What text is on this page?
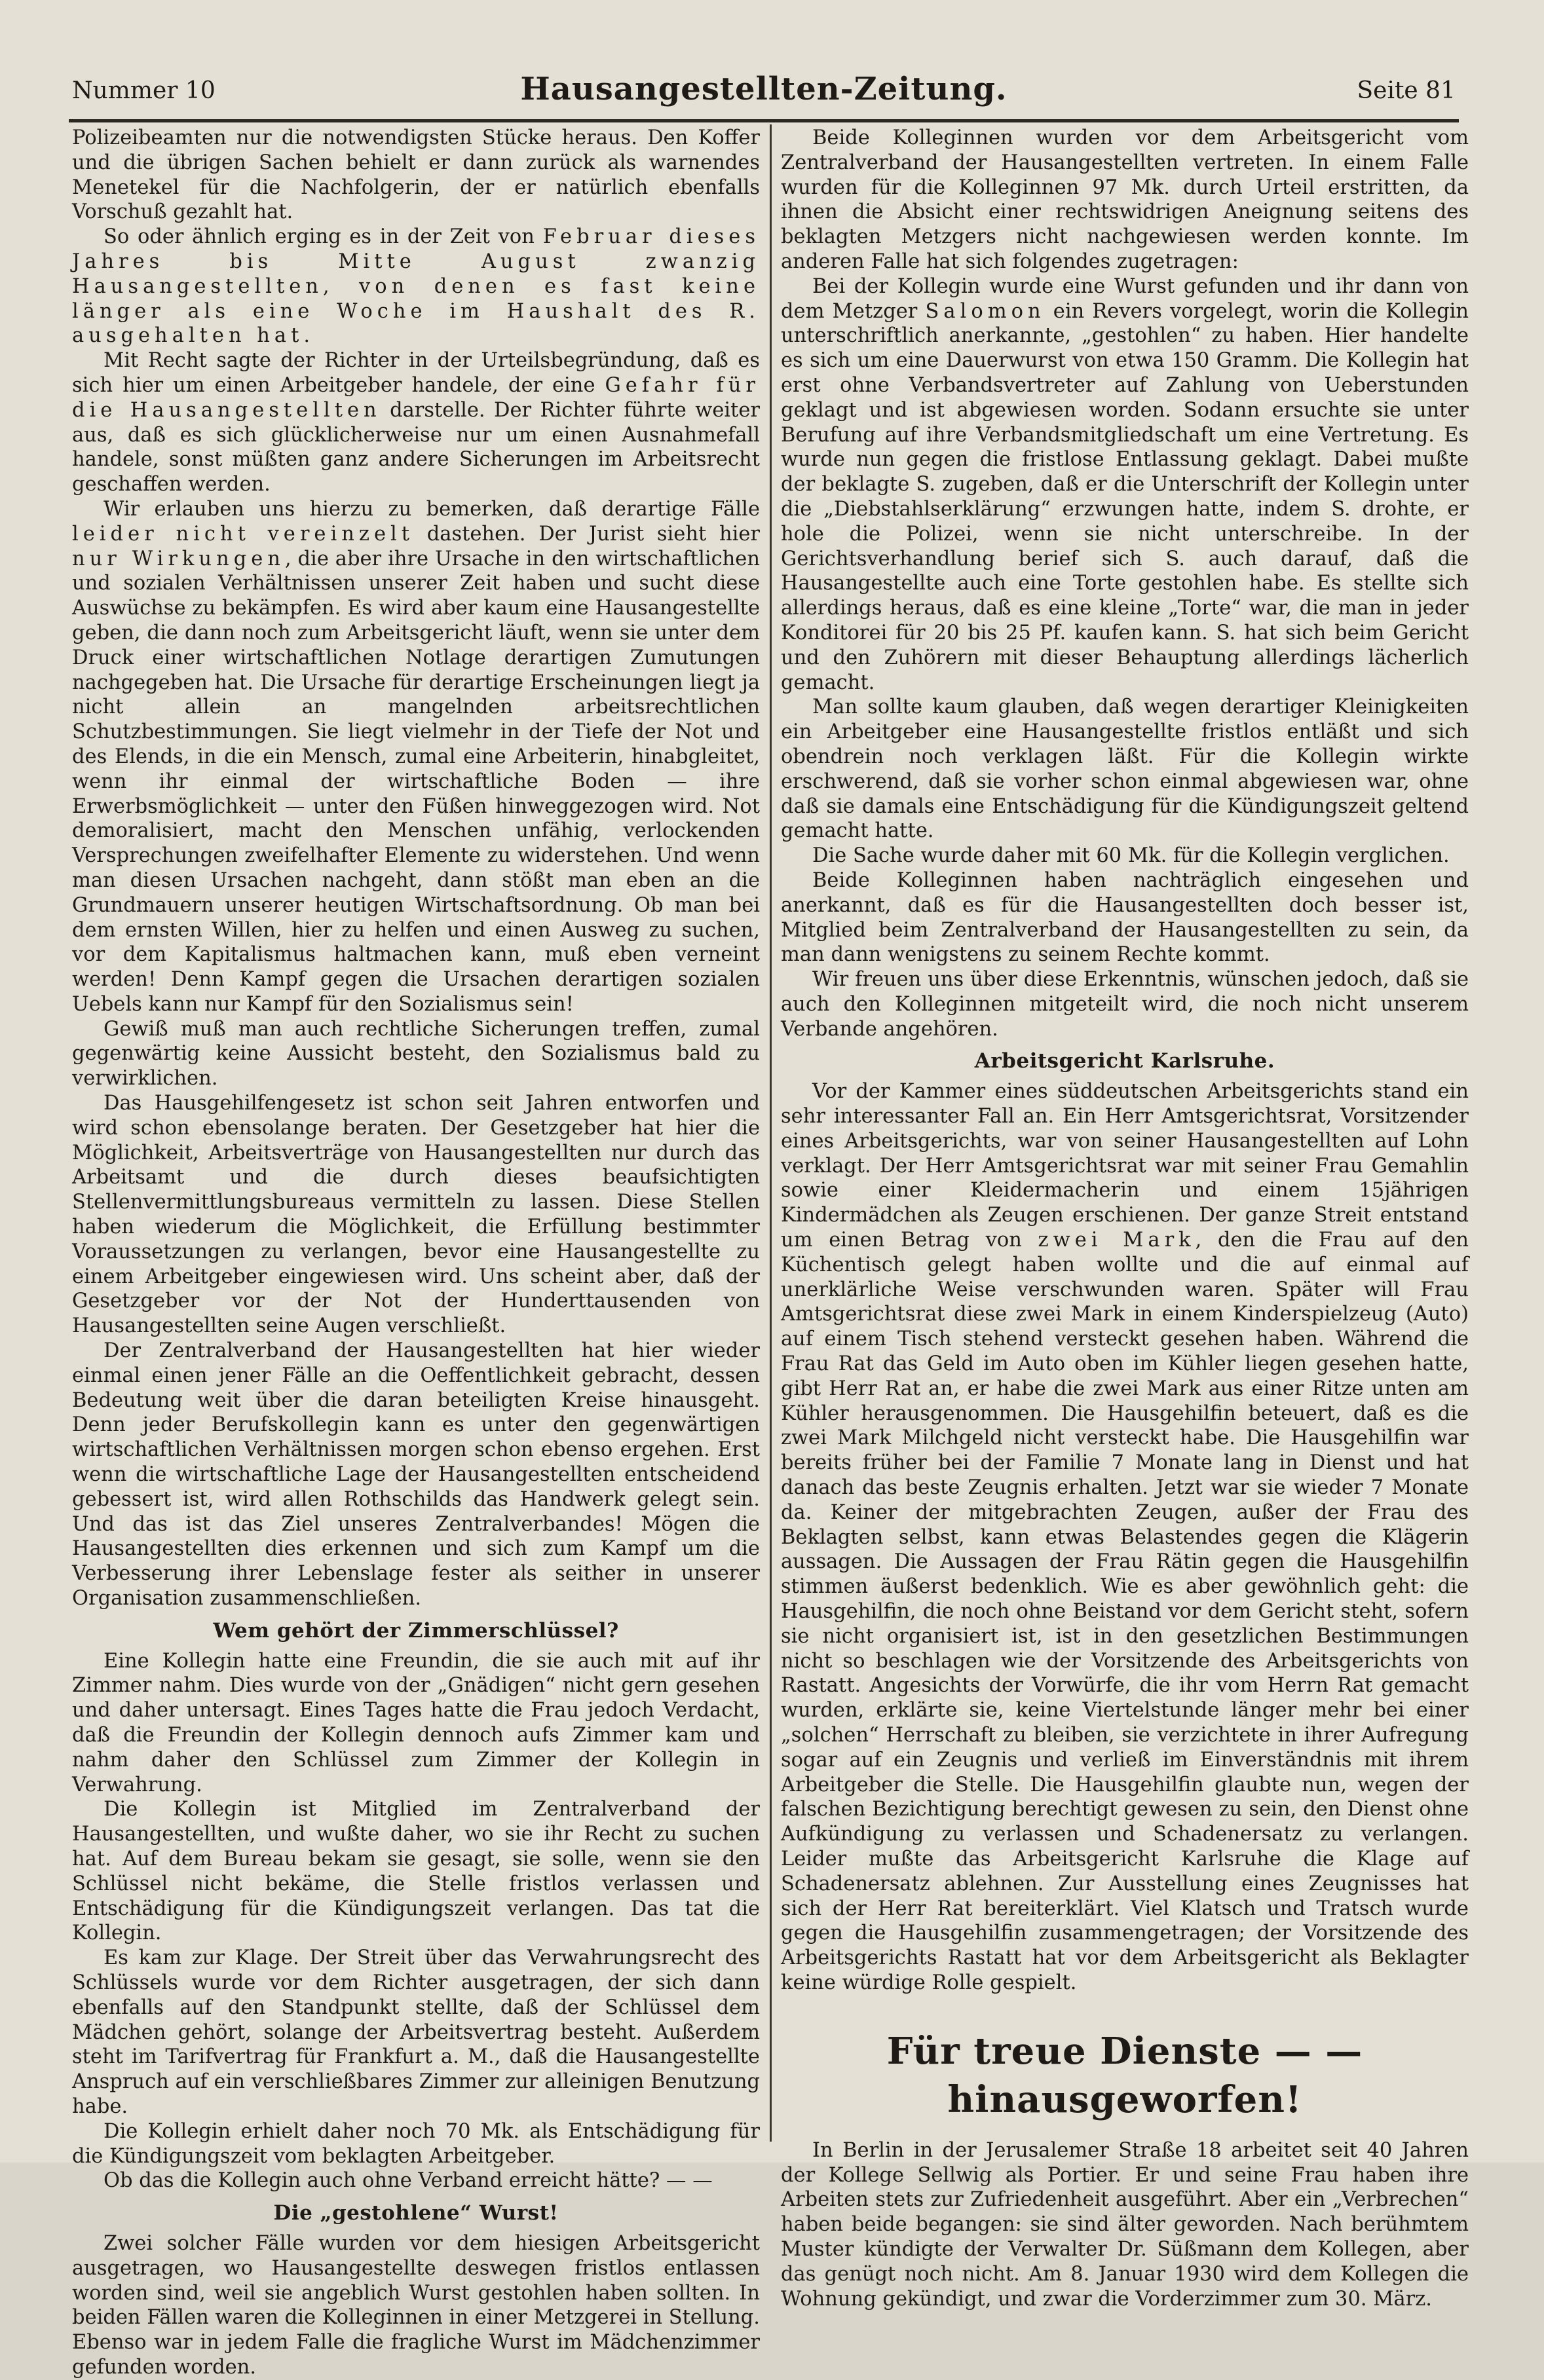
Nummer 10	Hausangestellten-Zeitung.	Seite 81

Polizeibeamten nur die notwendigsten Stücke heraus. Den Koffer und die übrigen Sachen behielt er dann zurück als warnendes Menetekel für die Nachfolgerin, der er natürlich ebenfalls Vorschuß gezahlt hat.

So oder ähnlich erging es in der Zeit von Februar dieses Jahres bis Mitte August zwanzig Hausangestellten, von denen es fast keine länger als eine Woche im Haushalt des R. ausgehalten hat.

Mit Recht sagte der Richter in der Urteilsbegründung, daß es sich hier um einen Arbeitgeber handele, der eine Gefahr für die Hausangestellten darstelle. Der Richter führte weiter aus, daß es sich glücklicherweise nur um einen Ausnahmefall handele, sonst müßten ganz andere Sicherungen im Arbeitsrecht geschaffen werden.

Wir erlauben uns hierzu zu bemerken, daß derartige Fälle leider nicht vereinzelt dastehen. Der Jurist sieht hier nur Wirkungen, die aber ihre Ursache in den wirtschaftlichen und sozialen Verhältnissen unserer Zeit haben und sucht diese Auswüchse zu bekämpfen. Es wird aber kaum eine Hausangestellte geben, die dann noch zum Arbeitsgericht läuft, wenn sie unter dem Druck einer wirtschaftlichen Notlage derartigen Zumutungen nachgegeben hat. Die Ursache für derartige Erscheinungen liegt ja nicht allein an mangelnden arbeitsrechtlichen Schutzbestimmungen. Sie liegt vielmehr in der Tiefe der Not und des Elends, in die ein Mensch, zumal eine Arbeiterin, hinabgleitet, wenn ihr einmal der wirtschaftliche Boden — ihre Erwerbsmöglichkeit — unter den Füßen hinweggezogen wird. Not demoralisiert, macht den Menschen unfähig, verlockenden Versprechungen zweifelhafter Elemente zu widerstehen. Und wenn man diesen Ursachen nachgeht, dann stößt man eben an die Grundmauern unserer heutigen Wirtschaftsordnung. Ob man bei dem ernsten Willen, hier zu helfen und einen Ausweg zu suchen, vor dem Kapitalismus haltmachen kann, muß eben verneint werden! Denn Kampf gegen die Ursachen derartigen sozialen Uebels kann nur Kampf für den Sozialismus sein!

Gewiß muß man auch rechtliche Sicherungen treffen, zumal gegenwärtig keine Aussicht besteht, den Sozialismus bald zu verwirklichen.

Das Hausgehilfengesetz ist schon seit Jahren entworfen und wird schon ebensolange beraten. Der Gesetzgeber hat hier die Möglichkeit, Arbeitsverträge von Hausangestellten nur durch das Arbeitsamt und die durch dieses beaufsichtigten Stellenvermittlungsbureaus vermitteln zu lassen. Diese Stellen haben wiederum die Möglichkeit, die Erfüllung bestimmter Voraussetzungen zu verlangen, bevor eine Hausangestellte zu einem Arbeitgeber eingewiesen wird. Uns scheint aber, daß der Gesetzgeber vor der Not der Hunderttausenden von Hausangestellten seine Augen verschließt.

Der Zentralverband der Hausangestellten hat hier wieder einmal einen jener Fälle an die Oeffentlichkeit gebracht, dessen Bedeutung weit über die daran beteiligten Kreise hinausgeht. Denn jeder Berufskollegin kann es unter den gegenwärtigen wirtschaftlichen Verhältnissen morgen schon ebenso ergehen. Erst wenn die wirtschaftliche Lage der Hausangestellten entscheidend gebessert ist, wird allen Rothschilds das Handwerk gelegt sein. Und das ist das Ziel unseres Zentralverbandes! Mögen die Hausangestellten dies erkennen und sich zum Kampf um die Verbesserung ihrer Lebenslage fester als seither in unserer Organisation zusammenschließen.

Wem gehört der Zimmerschlüssel?

Eine Kollegin hatte eine Freundin, die sie auch mit auf ihr Zimmer nahm. Dies wurde von der „Gnädigen“ nicht gern gesehen und daher untersagt. Eines Tages hatte die Frau jedoch Verdacht, daß die Freundin der Kollegin dennoch aufs Zimmer kam und nahm daher den Schlüssel zum Zimmer der Kollegin in Verwahrung.

Die Kollegin ist Mitglied im Zentralverband der Hausangestellten, und wußte daher, wo sie ihr Recht zu suchen hat. Auf dem Bureau bekam sie gesagt, sie solle, wenn sie den Schlüssel nicht bekäme, die Stelle fristlos verlassen und Entschädigung für die Kündigungszeit verlangen. Das tat die Kollegin.

Es kam zur Klage. Der Streit über das Verwahrungsrecht des Schlüssels wurde vor dem Richter ausgetragen, der sich dann ebenfalls auf den Standpunkt stellte, daß der Schlüssel dem Mädchen gehört, solange der Arbeitsvertrag besteht. Außerdem steht im Tarifvertrag für Frankfurt a. M., daß die Hausangestellte Anspruch auf ein verschließbares Zimmer zur alleinigen Benutzung habe.

Die Kollegin erhielt daher noch 70 Mk. als Entschädigung für die Kündigungszeit vom beklagten Arbeitgeber.

Ob das die Kollegin auch ohne Verband erreicht hätte? — —

Die „gestohlene“ Wurst!

Zwei solcher Fälle wurden vor dem hiesigen Arbeitsgericht ausgetragen, wo Hausangestellte deswegen fristlos entlassen worden sind, weil sie angeblich Wurst gestohlen haben sollten. In beiden Fällen waren die Kolleginnen in einer Metzgerei in Stellung. Ebenso war in jedem Falle die fragliche Wurst im Mädchenzimmer gefunden worden.

Beide Kolleginnen wurden vor dem Arbeitsgericht vom Zentralverband der Hausangestellten vertreten. In einem Falle wurden für die Kolleginnen 97 Mk. durch Urteil erstritten, da ihnen die Absicht einer rechtswidrigen Aneignung seitens des beklagten Metzgers nicht nachgewiesen werden konnte. Im anderen Falle hat sich folgendes zugetragen:

Bei der Kollegin wurde eine Wurst gefunden und ihr dann von dem Metzger Salomon ein Revers vorgelegt, worin die Kollegin unterschriftlich anerkannte, „gestohlen“ zu haben. Hier handelte es sich um eine Dauerwurst von etwa 150 Gramm. Die Kollegin hat erst ohne Verbandsvertreter auf Zahlung von Ueberstunden geklagt und ist abgewiesen worden. Sodann ersuchte sie unter Berufung auf ihre Verbandsmitgliedschaft um eine Vertretung. Es wurde nun gegen die fristlose Entlassung geklagt. Dabei mußte der beklagte S. zugeben, daß er die Unterschrift der Kollegin unter die „Diebstahlserklärung“ erzwungen hatte, indem S. drohte, er hole die Polizei, wenn sie nicht unterschreibe. In der Gerichtsverhandlung berief sich S. auch darauf, daß die Hausangestellte auch eine Torte gestohlen habe. Es stellte sich allerdings heraus, daß es eine kleine „Torte“ war, die man in jeder Konditorei für 20 bis 25 Pf. kaufen kann. S. hat sich beim Gericht und den Zuhörern mit dieser Behauptung allerdings lächerlich gemacht.

Man sollte kaum glauben, daß wegen derartiger Kleinigkeiten ein Arbeitgeber eine Hausangestellte fristlos entläßt und sich obendrein noch verklagen läßt. Für die Kollegin wirkte erschwerend, daß sie vorher schon einmal abgewiesen war, ohne daß sie damals eine Entschädigung für die Kündigungszeit geltend gemacht hatte.

Die Sache wurde daher mit 60 Mk. für die Kollegin verglichen.

Beide Kolleginnen haben nachträglich eingesehen und anerkannt, daß es für die Hausangestellten doch besser ist, Mitglied beim Zentralverband der Hausangestellten zu sein, da man dann wenigstens zu seinem Rechte kommt.

Wir freuen uns über diese Erkenntnis, wünschen jedoch, daß sie auch den Kolleginnen mitgeteilt wird, die noch nicht unserem Verbande angehören.

Arbeitsgericht Karlsruhe.

Vor der Kammer eines süddeutschen Arbeitsgerichts stand ein sehr interessanter Fall an. Ein Herr Amtsgerichtsrat, Vorsitzender eines Arbeitsgerichts, war von seiner Hausangestellten auf Lohn verklagt. Der Herr Amtsgerichtsrat war mit seiner Frau Gemahlin sowie einer Kleidermacherin und einem 15jährigen Kindermädchen als Zeugen erschienen. Der ganze Streit entstand um einen Betrag von zwei Mark, den die Frau auf den Küchentisch gelegt haben wollte und die auf einmal auf unerklärliche Weise verschwunden waren. Später will Frau Amtsgerichtsrat diese zwei Mark in einem Kinderspielzeug (Auto) auf einem Tisch stehend versteckt gesehen haben. Während die Frau Rat das Geld im Auto oben im Kühler liegen gesehen hatte, gibt Herr Rat an, er habe die zwei Mark aus einer Ritze unten am Kühler herausgenommen. Die Hausgehilfin beteuert, daß es die zwei Mark Milchgeld nicht versteckt habe. Die Hausgehilfin war bereits früher bei der Familie 7 Monate lang in Dienst und hat danach das beste Zeugnis erhalten. Jetzt war sie wieder 7 Monate da. Keiner der mitgebrachten Zeugen, außer der Frau des Beklagten selbst, kann etwas Belastendes gegen die Klägerin aussagen. Die Aussagen der Frau Rätin gegen die Hausgehilfin stimmen äußerst bedenklich. Wie es aber gewöhnlich geht: die Hausgehilfin, die noch ohne Beistand vor dem Gericht steht, sofern sie nicht organisiert ist, ist in den gesetzlichen Bestimmungen nicht so beschlagen wie der Vorsitzende des Arbeitsgerichts von Rastatt. Angesichts der Vorwürfe, die ihr vom Herrn Rat gemacht wurden, erklärte sie, keine Viertelstunde länger mehr bei einer „solchen“ Herrschaft zu bleiben, sie verzichtete in ihrer Aufregung sogar auf ein Zeugnis und verließ im Einverständnis mit ihrem Arbeitgeber die Stelle. Die Hausgehilfin glaubte nun, wegen der falschen Bezichtigung berechtigt gewesen zu sein, den Dienst ohne Aufkündigung zu verlassen und Schadenersatz zu verlangen. Leider mußte das Arbeitsgericht Karlsruhe die Klage auf Schadenersatz ablehnen. Zur Ausstellung eines Zeugnisses hat sich der Herr Rat bereiterklärt. Viel Klatsch und Tratsch wurde gegen die Hausgehilfin zusammengetragen; der Vorsitzende des Arbeitsgerichts Rastatt hat vor dem Arbeitsgericht als Beklagter keine würdige Rolle gespielt.

Für treue Dienste — —
hinausgeworfen!

In Berlin in der Jerusalemer Straße 18 arbeitet seit 40 Jahren der Kollege Sellwig als Portier. Er und seine Frau haben ihre Arbeiten stets zur Zufriedenheit ausgeführt. Aber ein „Verbrechen“ haben beide begangen: sie sind älter geworden. Nach berühmtem Muster kündigte der Verwalter Dr. Süßmann dem Kollegen, aber das genügt noch nicht. Am 8. Januar 1930 wird dem Kollegen die Wohnung gekündigt, und zwar die Vorderzimmer zum 30. März.
